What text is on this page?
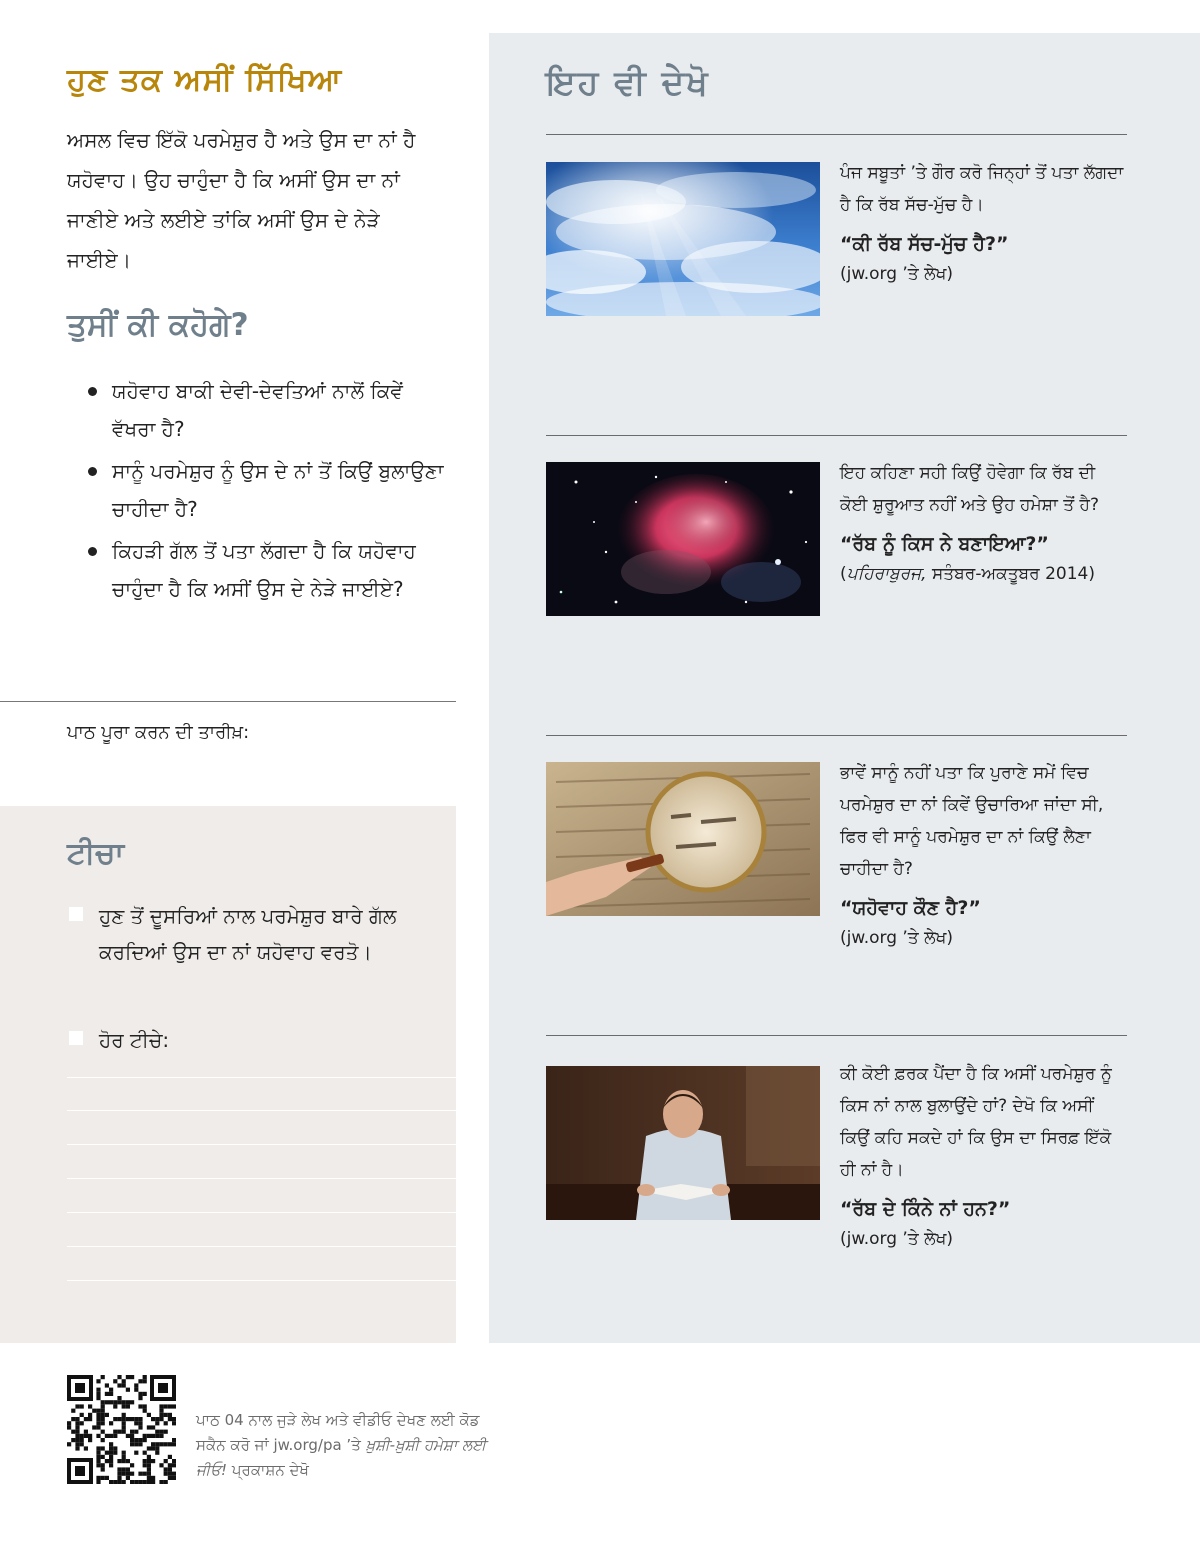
ਹੁਣ ਤਕ ਅਸੀਂ ਸਿੱਖਿਆ

ਅਸਲ ਵਿਚ ਇੱਕੋ ਪਰਮੇਸ਼ੁਰ ਹੈ ਅਤੇ ਉਸ ਦਾ ਨਾਂ ਹੈ ਯਹੋਵਾਹ। ਉਹ ਚਾਹੁੰਦਾ ਹੈ ਕਿ ਅਸੀਂ ਉਸ ਦਾ ਨਾਂ ਜਾਣੀਏ ਅਤੇ ਲਈਏ ਤਾਂਕਿ ਅਸੀਂ ਉਸ ਦੇ ਨੇੜੇ ਜਾਈਏ।

ਤੁਸੀਂ ਕੀ ਕਹੋਗੇ?
ਯਹੋਵਾਹ ਬਾਕੀ ਦੇਵੀ-ਦੇਵਤਿਆਂ ਨਾਲੋਂ ਕਿਵੇਂ ਵੱਖਰਾ ਹੈ?
ਸਾਨੂੰ ਪਰਮੇਸ਼ੁਰ ਨੂੰ ਉਸ ਦੇ ਨਾਂ ਤੋਂ ਕਿਉਂ ਬੁਲਾਉਣਾ ਚਾਹੀਦਾ ਹੈ?
ਕਿਹੜੀ ਗੱਲ ਤੋਂ ਪਤਾ ਲੱਗਦਾ ਹੈ ਕਿ ਯਹੋਵਾਹ ਚਾਹੁੰਦਾ ਹੈ ਕਿ ਅਸੀਂ ਉਸ ਦੇ ਨੇੜੇ ਜਾਈਏ?
ਪਾਠ ਪੂਰਾ ਕਰਨ ਦੀ ਤਾਰੀਖ਼:
ਟੀਚਾ
ਹੁਣ ਤੋਂ ਦੂਸਰਿਆਂ ਨਾਲ ਪਰਮੇਸ਼ੁਰ ਬਾਰੇ ਗੱਲ ਕਰਦਿਆਂ ਉਸ ਦਾ ਨਾਂ ਯਹੋਵਾਹ ਵਰਤੋ।
ਹੋਰ ਟੀਚੇ:
ਇਹ ਵੀ ਦੇਖੋ
ਪੰਜ ਸਬੂਤਾਂ ’ਤੇ ਗੌਰ ਕਰੋ ਜਿਨ੍ਹਾਂ ਤੋਂ ਪਤਾ ਲੱਗਦਾ ਹੈ ਕਿ ਰੱਬ ਸੱਚ-ਮੁੱਚ ਹੈ।
“ਕੀ ਰੱਬ ਸੱਚ-ਮੁੱਚ ਹੈ?”
(jw.org ’ਤੇ ਲੇਖ)
ਇਹ ਕਹਿਣਾ ਸਹੀ ਕਿਉਂ ਹੋਵੇਗਾ ਕਿ ਰੱਬ ਦੀ ਕੋਈ ਸ਼ੁਰੂਆਤ ਨਹੀਂ ਅਤੇ ਉਹ ਹਮੇਸ਼ਾ ਤੋਂ ਹੈ?
“ਰੱਬ ਨੂੰ ਕਿਸ ਨੇ ਬਣਾਇਆ?”
(ਪਹਿਰਾਬੁਰਜ, ਸਤੰਬਰ-ਅਕਤੂਬਰ 2014)
ਭਾਵੇਂ ਸਾਨੂੰ ਨਹੀਂ ਪਤਾ ਕਿ ਪੁਰਾਣੇ ਸਮੇਂ ਵਿਚ ਪਰਮੇਸ਼ੁਰ ਦਾ ਨਾਂ ਕਿਵੇਂ ਉਚਾਰਿਆ ਜਾਂਦਾ ਸੀ, ਫਿਰ ਵੀ ਸਾਨੂੰ ਪਰਮੇਸ਼ੁਰ ਦਾ ਨਾਂ ਕਿਉਂ ਲੈਣਾ ਚਾਹੀਦਾ ਹੈ?
“ਯਹੋਵਾਹ ਕੌਣ ਹੈ?”
(jw.org ’ਤੇ ਲੇਖ)
ਕੀ ਕੋਈ ਫ਼ਰਕ ਪੈਂਦਾ ਹੈ ਕਿ ਅਸੀਂ ਪਰਮੇਸ਼ੁਰ ਨੂੰ ਕਿਸ ਨਾਂ ਨਾਲ ਬੁਲਾਉਂਦੇ ਹਾਂ? ਦੇਖੋ ਕਿ ਅਸੀਂ ਕਿਉਂ ਕਹਿ ਸਕਦੇ ਹਾਂ ਕਿ ਉਸ ਦਾ ਸਿਰਫ਼ ਇੱਕੋ ਹੀ ਨਾਂ ਹੈ।
“ਰੱਬ ਦੇ ਕਿੰਨੇ ਨਾਂ ਹਨ?”
(jw.org ’ਤੇ ਲੇਖ)
ਪਾਠ 04 ਨਾਲ ਜੁੜੇ ਲੇਖ ਅਤੇ ਵੀਡੀਓ ਦੇਖਣ ਲਈ ਕੋਡ ਸਕੈਨ ਕਰੋ ਜਾਂ jw.org/pa ’ਤੇ ਖ਼ੁਸ਼ੀ-ਖ਼ੁਸ਼ੀ ਹਮੇਸ਼ਾ ਲਈ ਜੀਓ! ਪ੍ਰਕਾਸ਼ਨ ਦੇਖੋ
